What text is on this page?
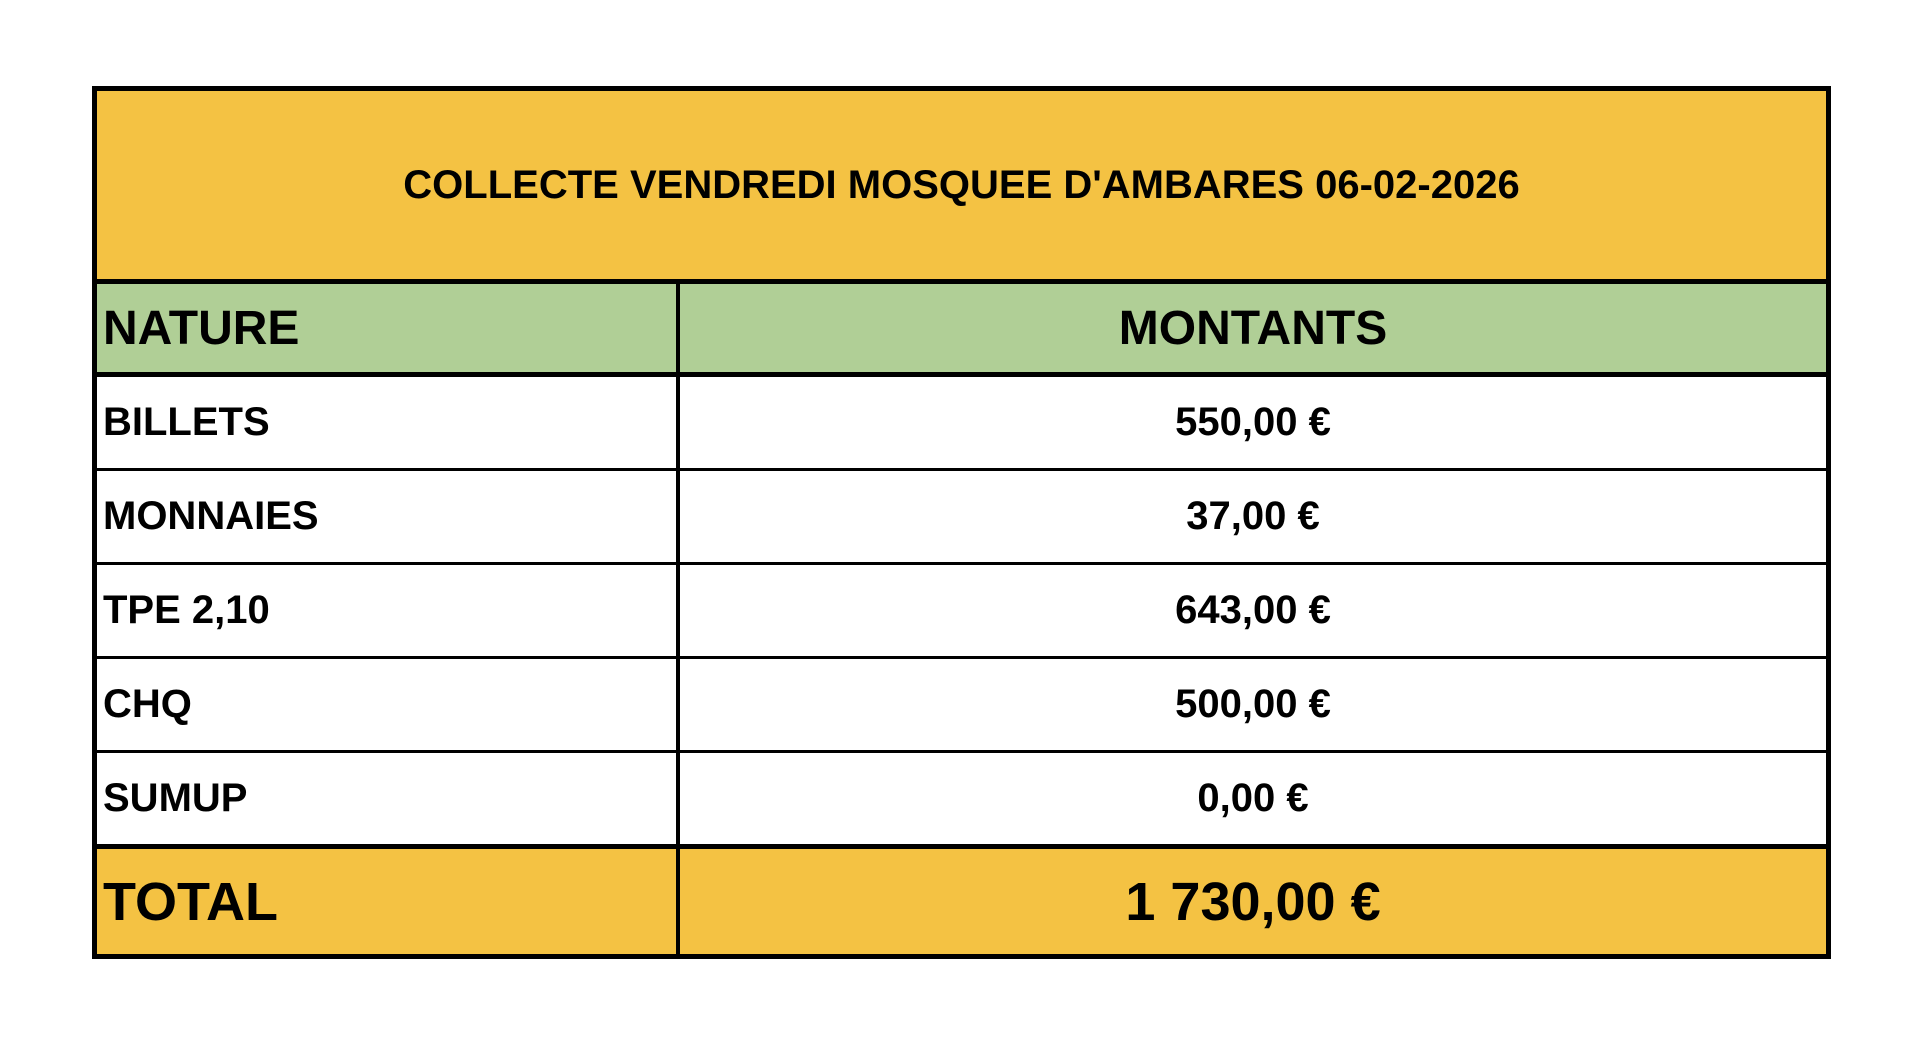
COLLECTE VENDREDI MOSQUEE D'AMBARES 06-02-2026
NATURE	MONTANTS
BILLETS	550,00 €
MONNAIES	37,00 €
TPE 2,10	643,00 €
CHQ	500,00 €
SUMUP	0,00 €
TOTAL	1 730,00 €
